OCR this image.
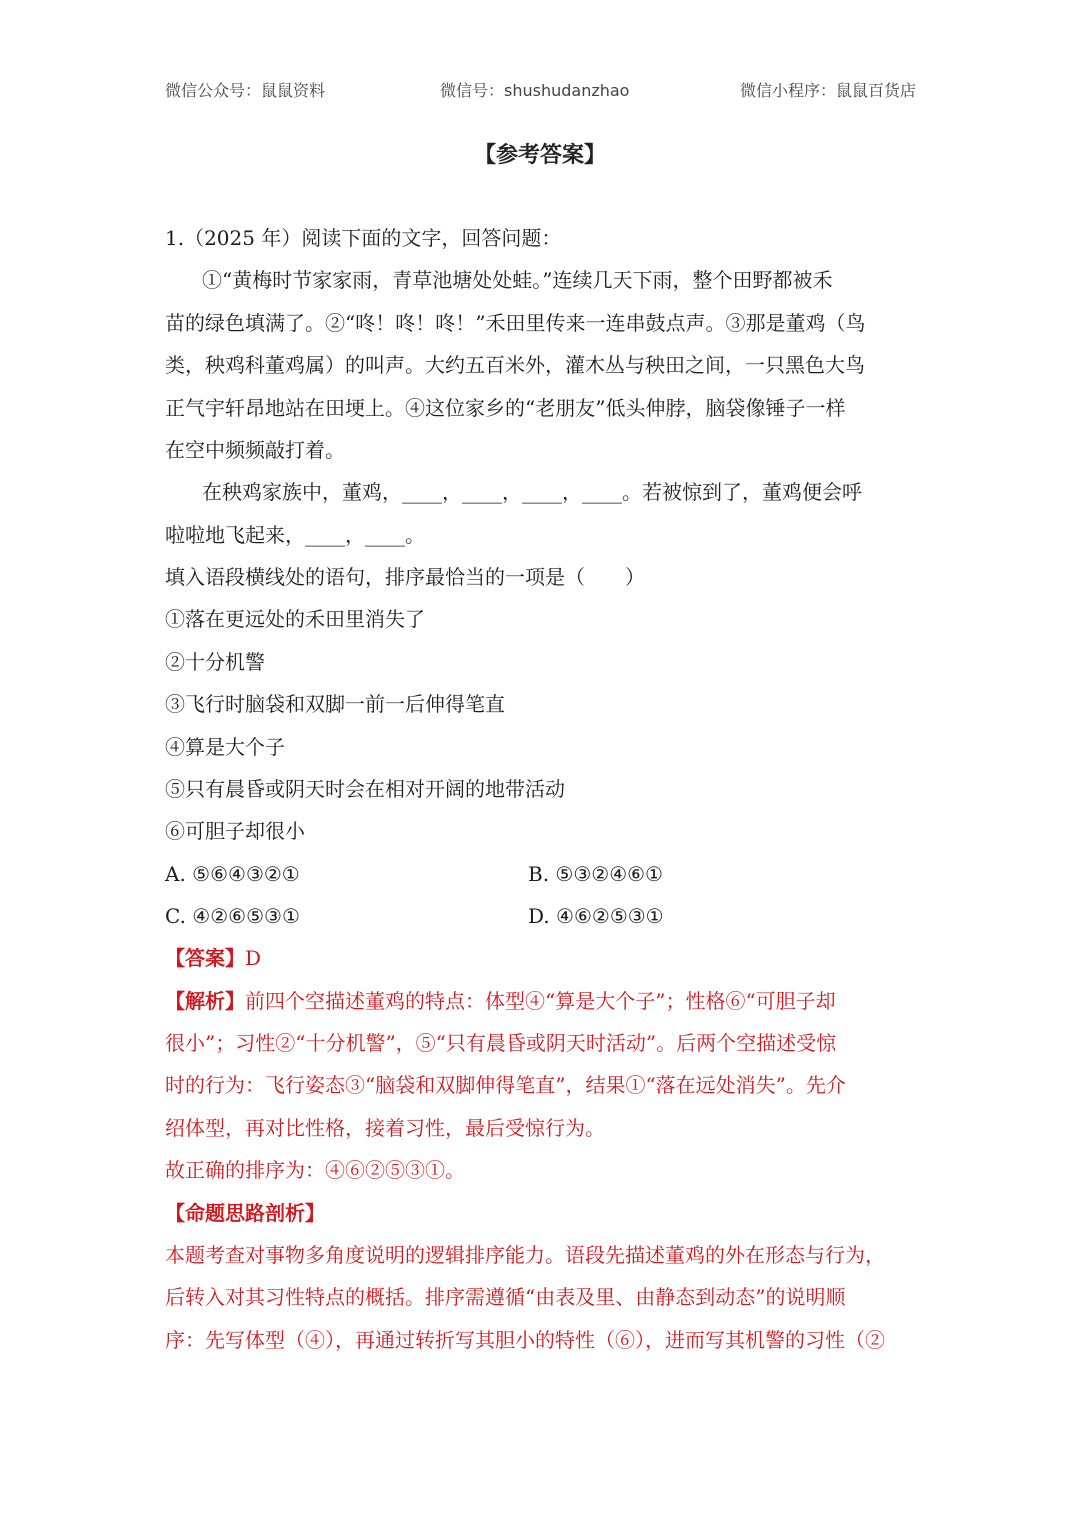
微信公众号：鼠鼠资料	微信号：shushudanzhao	微信小程序：鼠鼠百货店
【参考答案】
1.（2025 年）阅读下面的文字，回答问题：
①“黄梅时节家家雨，青草池塘处处蛙。”连续几天下雨，整个田野都被禾
苗的绿色填满了。②“咚！咚！咚！”禾田里传来一连串鼓点声。③那是董鸡（鸟
类，秧鸡科董鸡属）的叫声。大约五百米外，灌木丛与秧田之间，一只黑色大鸟
正气宇轩昂地站在田埂上。④这位家乡的“老朋友”低头伸脖，脑袋像锤子一样
在空中频频敲打着。
在秧鸡家族中，董鸡，____，____，____，____。若被惊到了，董鸡便会呼
啦啦地飞起来，____，____。
填入语段横线处的语句，排序最恰当的一项是（　　）
①落在更远处的禾田里消失了
②十分机警
③飞行时脑袋和双脚一前一后伸得笔直
④算是大个子
⑤只有晨昏或阴天时会在相对开阔的地带活动
⑥可胆子却很小
A. ⑤⑥④③②①	B. ⑤③②④⑥①
C. ④②⑥⑤③①	D. ④⑥②⑤③①
【答案】D
【解析】前四个空描述董鸡的特点：体型④“算是大个子”；性格⑥“可胆子却
很小”；习性②“十分机警”，⑤“只有晨昏或阴天时活动”。后两个空描述受惊
时的行为：飞行姿态③“脑袋和双脚伸得笔直”，结果①“落在远处消失”。先介
绍体型，再对比性格，接着习性，最后受惊行为。
故正确的排序为：④⑥②⑤③①。
【命题思路剖析】
本题考查对事物多角度说明的逻辑排序能力。语段先描述董鸡的外在形态与行为，
后转入对其习性特点的概括。排序需遵循“由表及里、由静态到动态”的说明顺
序：先写体型（④），再通过转折写其胆小的特性（⑥），进而写其机警的习性（②
